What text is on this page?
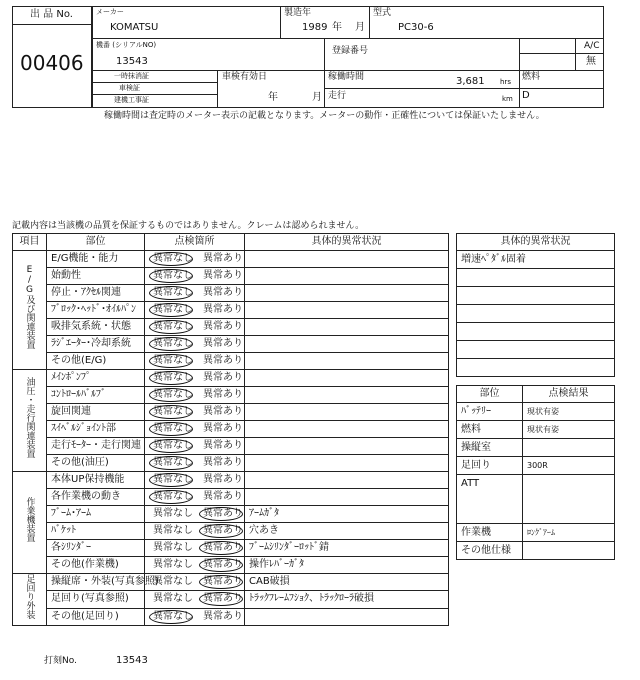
出 品 No.
00406
メーカー
KOMATSU
製造年
1989 年 月
型式
PC30-6
機番 (シリアルNO)
13543
登録番号	A/C
無
一時抹消証
車検証
建機工事証
車検有効日
年	月
稼働時間	3,681 hrs
走行	km
燃料
D
稼働時間は査定時のメーター表示の記載となります。メーターの動作・正確性については保証いたしません。
記載内容は当該機の品質を保証するものではありません。クレームは認められません。
項目	部位	点検箇所	具体的異常状況
E/G及び関連装置	E/G機能・能力	異常なし 異常あり	
	始動性	異常なし 異常あり	
	停止・ｱｸｾﾙ関連	異常なし 異常あり	
	ﾌﾞﾛｯｸ･ﾍｯﾄﾞ･ｵｲﾙﾊﾟﾝ	異常なし 異常あり	
	吸排気系統・状態	異常なし 異常あり	
	ﾗｼﾞｴｰﾀｰ･冷却系統	異常なし 異常あり	
	その他(E/G)	異常なし 異常あり	
油圧・走行関連装置	ﾒｲﾝﾎﾟﾝﾌﾟ	異常なし 異常あり	
	ｺﾝﾄﾛｰﾙﾊﾞﾙﾌﾞ	異常なし 異常あり	
	旋回関連	異常なし 異常あり	
	ｽｲﾍﾞﾙｼﾞｮｲﾝﾄ部	異常なし 異常あり	
	走行ﾓｰﾀｰ・走行関連	異常なし 異常あり	
	その他(油圧)	異常なし 異常あり	
作業機装置	本体UP保持機能	異常なし 異常あり	
	各作業機の動き	異常なし 異常あり	
	ﾌﾞｰﾑ･ｱｰﾑ	異常なし 異常あり	ｱｰﾑｶﾞﾀ
	ﾊﾞｹｯﾄ	異常なし 異常あり	穴あき
	各ｼﾘﾝﾀﾞｰ	異常なし 異常あり	ﾌﾞｰﾑｼﾘﾝﾀﾞｰﾛｯﾄﾞ錆
	その他(作業機)	異常なし 異常あり	操作ﾚﾊﾞｰｶﾞﾀ
足回り外装	操縦席・外装(写真参照)	異常なし 異常あり	CAB破損
	足回り(写真参照)	異常なし 異常あり	ﾄﾗｯｸﾌﾚｰﾑﾌｼｮｸ、ﾄﾗｯｸﾛｰﾗ破損
	その他(足回り)	異常なし 異常あり	
具体的異常状況
増速ﾍﾟﾀﾞﾙ固着

部位	点検結果
ﾊﾞｯﾃﾘｰ	現状有姿
燃料	現状有姿
操縦室	
足回り	300R
ATT	
作業機	ﾛﾝｸﾞｱｰﾑ
その他仕様	
打刻No.	13543
